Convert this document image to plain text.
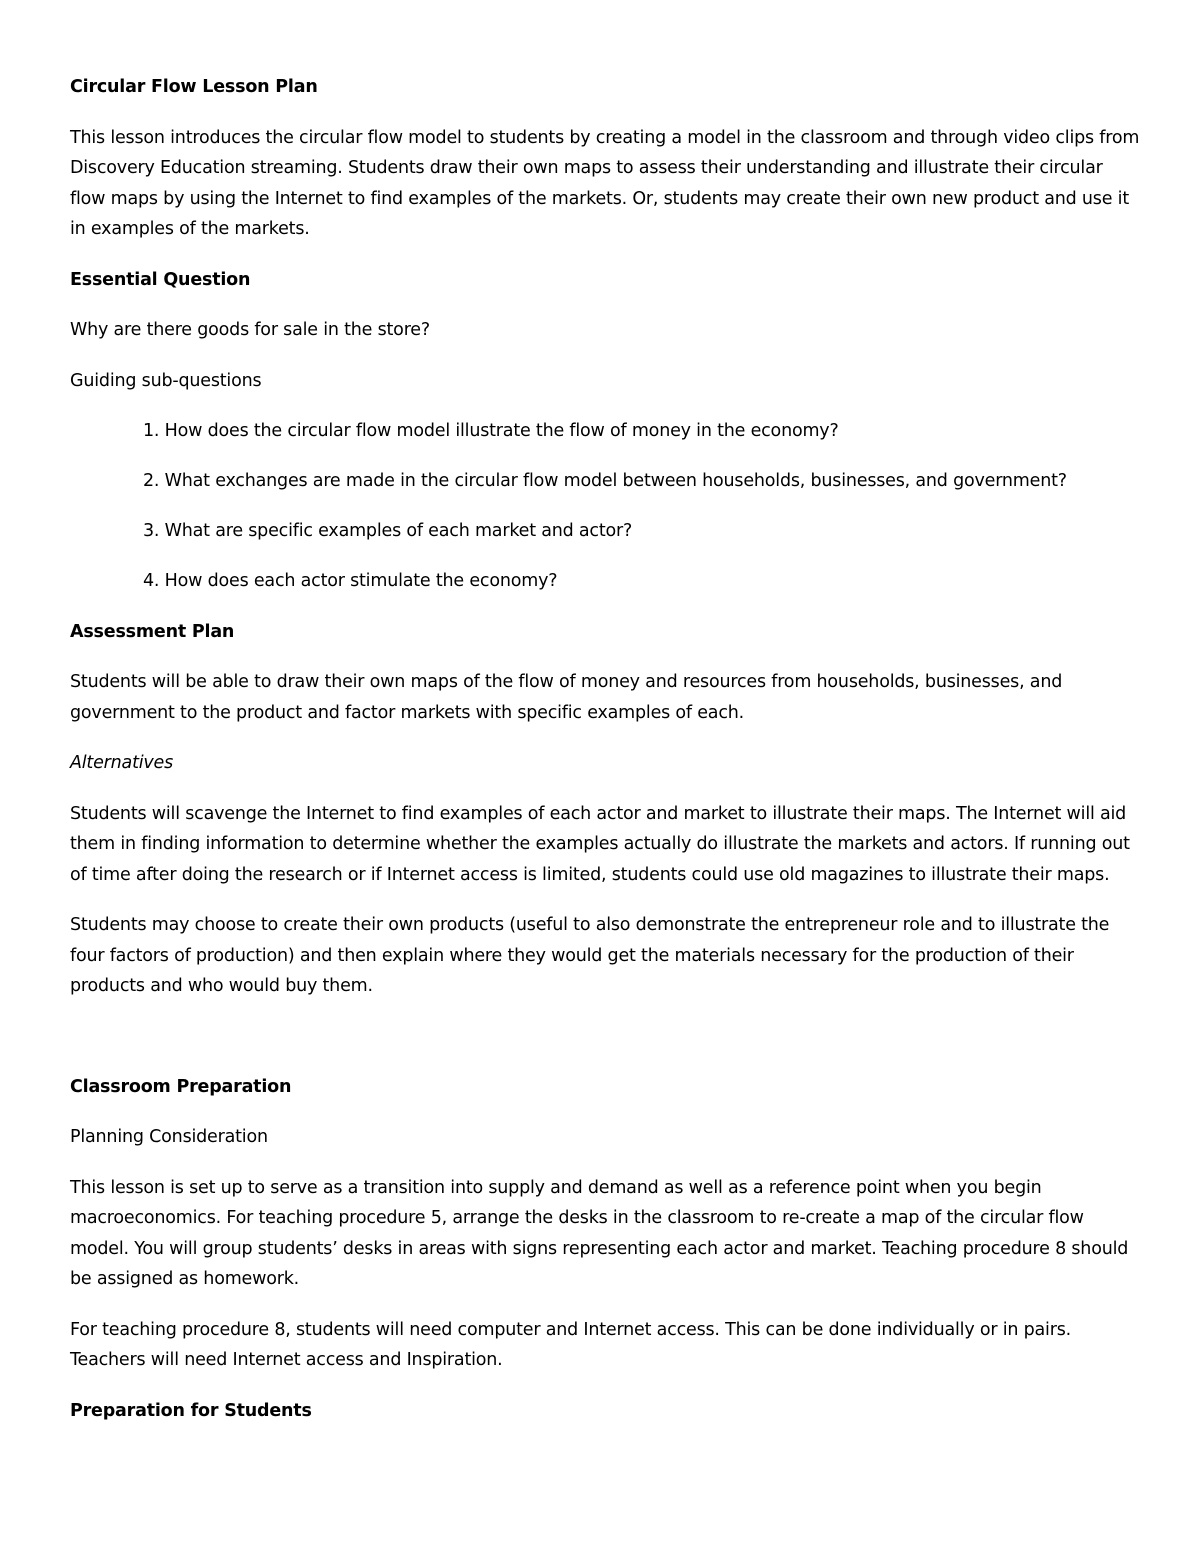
Circular Flow Lesson Plan

This lesson introduces the circular flow model to students by creating a model in the classroom and through video clips from Discovery Education streaming. Students draw their own maps to assess their understanding and illustrate their circular flow maps by using the Internet to find examples of the markets. Or, students may create their own new product and use it in examples of the markets.

Essential Question

Why are there goods for sale in the store?

Guiding sub-questions

1. How does the circular flow model illustrate the flow of money in the economy?
2. What exchanges are made in the circular flow model between households, businesses, and government?
3. What are specific examples of each market and actor?
4. How does each actor stimulate the economy?

Assessment Plan

Students will be able to draw their own maps of the flow of money and resources from households, businesses, and government to the product and factor markets with specific examples of each.

Alternatives

Students will scavenge the Internet to find examples of each actor and market to illustrate their maps. The Internet will aid them in finding information to determine whether the examples actually do illustrate the markets and actors. If running out of time after doing the research or if Internet access is limited, students could use old magazines to illustrate their maps.

Students may choose to create their own products (useful to also demonstrate the entrepreneur role and to illustrate the four factors of production) and then explain where they would get the materials necessary for the production of their products and who would buy them.

Classroom Preparation

Planning Consideration

This lesson is set up to serve as a transition into supply and demand as well as a reference point when you begin macroeconomics. For teaching procedure 5, arrange the desks in the classroom to re-create a map of the circular flow model. You will group students’ desks in areas with signs representing each actor and market. Teaching procedure 8 should be assigned as homework.

For teaching procedure 8, students will need computer and Internet access. This can be done individually or in pairs. Teachers will need Internet access and Inspiration.

Preparation for Students
